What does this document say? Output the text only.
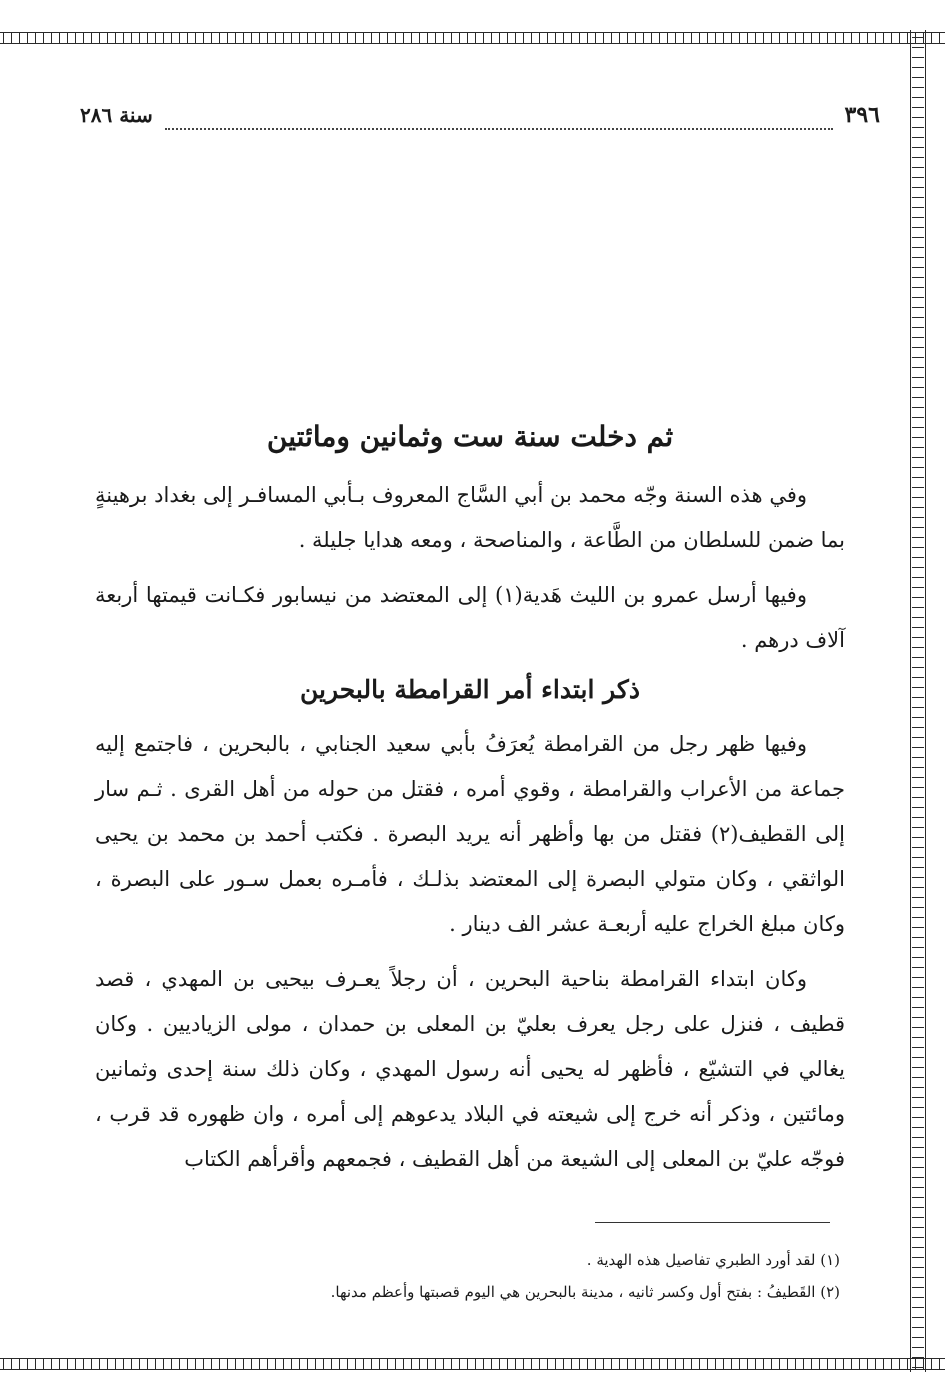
٣٩٦
سنة ٢٨٦
ثم دخلت سنة ست وثمانين ومائتين

وفي هذه السنة وجّه محمد بن أبي السَّاج المعروف بـأبي المسافـر إلى بغداد برهينةٍ بما ضمن للسلطان من الطَّاعة ، والمناصحة ، ومعه هدايا جليلة .

وفيها أرسل عمرو بن الليث هَدية(١) إلى المعتضد من نيسابور فكـانت قيمتها أربعة آلاف درهم .

ذكر ابتداء أمر القرامطة بالبحرين

وفيها ظهر رجل من القرامطة يُعرَفُ بأبي سعيد الجنابي ، بالبحرين ، فاجتمع إليه جماعة من الأعراب والقرامطة ، وقوي أمره ، فقتل من حوله من أهل القرى . ثـم سار إلى القطيف(٢) فقتل من بها وأظهر أنه يريد البصرة . فكتب أحمد بن محمد بن يحيى الواثقي ، وكان متولي البصرة إلى المعتضد بذلـك ، فأمـره بعمل سـور على البصرة ، وكان مبلغ الخراج عليه أربعـة عشر الف دينار .

وكان ابتداء القرامطة بناحية البحرين ، أن رجلاً يعـرف بيحيى بن المهدي ، قصد قطيف ، فنزل على رجل يعرف بعليّ بن المعلى بن حمدان ، مولى الزياديين . وكان يغالي في التشيّع ، فأظهر له يحيى أنه رسول المهدي ، وكان ذلك سنة إحدى وثمانين ومائتين ، وذكر أنه خرج إلى شيعته في البلاد يدعوهم إلى أمره ، وان ظهوره قد قرب ، فوجّه عليّ بن المعلى إلى الشيعة من أهل القطيف ، فجمعهم وأقرأهم الكتاب

(١) لقد أورد الطبري تفاصيل هذه الهدية .
(٢) القَطيفُ : بفتح أول وكسر ثانيه ، مدينة بالبحرين هي اليوم قصبتها وأعظم مدنها.
